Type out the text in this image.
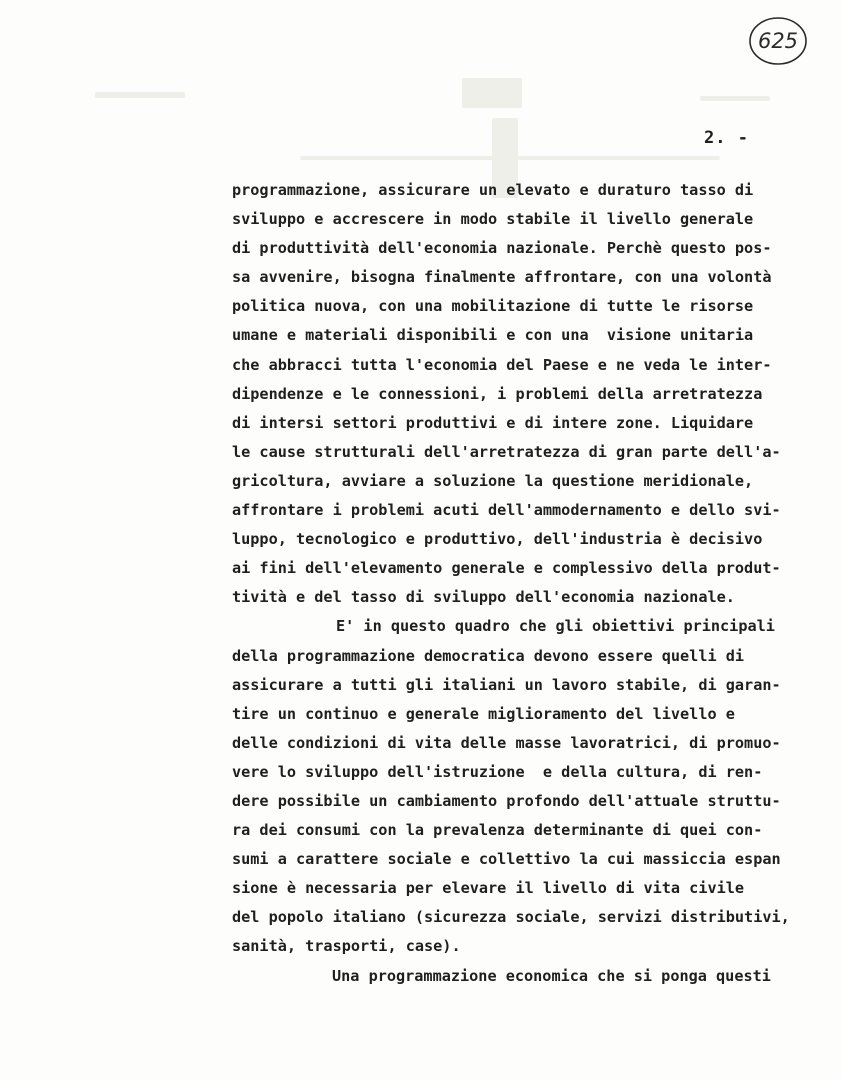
625
2. -
programmazione, assicurare un elevato e duraturo tasso di
sviluppo e accrescere in modo stabile il livello generale
di produttività dell'economia nazionale. Perchè questo pos-
sa avvenire, bisogna finalmente affrontare, con una volontà
politica nuova, con una mobilitazione di tutte le risorse
umane e materiali disponibili e con una  visione unitaria
che abbracci tutta l'economia del Paese e ne veda le inter-
dipendenze e le connessioni, i problemi della arretratezza
di intersi settori produttivi e di intere zone. Liquidare
le cause strutturali dell'arretratezza di gran parte dell'a-
gricoltura, avviare a soluzione la questione meridionale,
affrontare i problemi acuti dell'ammodernamento e dello svi-
luppo, tecnologico e produttivo, dell'industria è decisivo
ai fini dell'elevamento generale e complessivo della produt-
tività e del tasso di sviluppo dell'economia nazionale.
E' in questo quadro che gli obiettivi principali
della programmazione democratica devono essere quelli di
assicurare a tutti gli italiani un lavoro stabile, di garan-
tire un continuo e generale miglioramento del livello e
delle condizioni di vita delle masse lavoratrici, di promuo-
vere lo sviluppo dell'istruzione  e della cultura, di ren-
dere possibile un cambiamento profondo dell'attuale struttu-
ra dei consumi con la prevalenza determinante di quei con-
sumi a carattere sociale e collettivo la cui massiccia espan
sione è necessaria per elevare il livello di vita civile
del popolo italiano (sicurezza sociale, servizi distributivi,
sanità, trasporti, case).
Una programmazione economica che si ponga questi
